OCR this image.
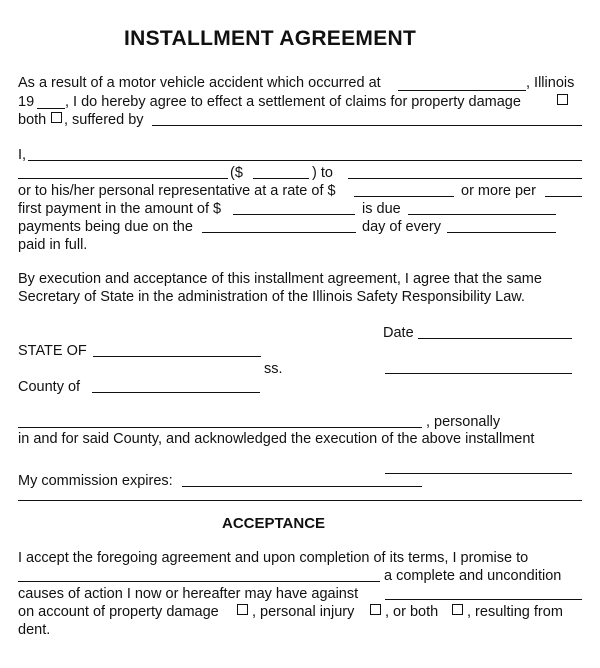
INSTALLMENT AGREEMENT
As a result of a motor vehicle accident which occurred at	, Illinois
19 , I do hereby agree to effect a settlement of claims for property damage
both , suffered by
I,
($	) to
or to his/her personal representative at a rate of $	or more per
first payment in the amount of $	is due
payments being due on the	day of every
paid in full.
By execution and acceptance of this installment agreement, I agree that the same
Secretary of State in the administration of the Illinois Safety Responsibility Law.
Date
STATE OF
ss.
County of
, personally
in and for said County, and acknowledged the execution of the above installment
My commission expires:
ACCEPTANCE
I accept the foregoing agreement and upon completion of its terms, I promise to
a complete and uncondition
causes of action I now or hereafter may have against
on account of property damage , personal injury , or both , resulting from
dent.
